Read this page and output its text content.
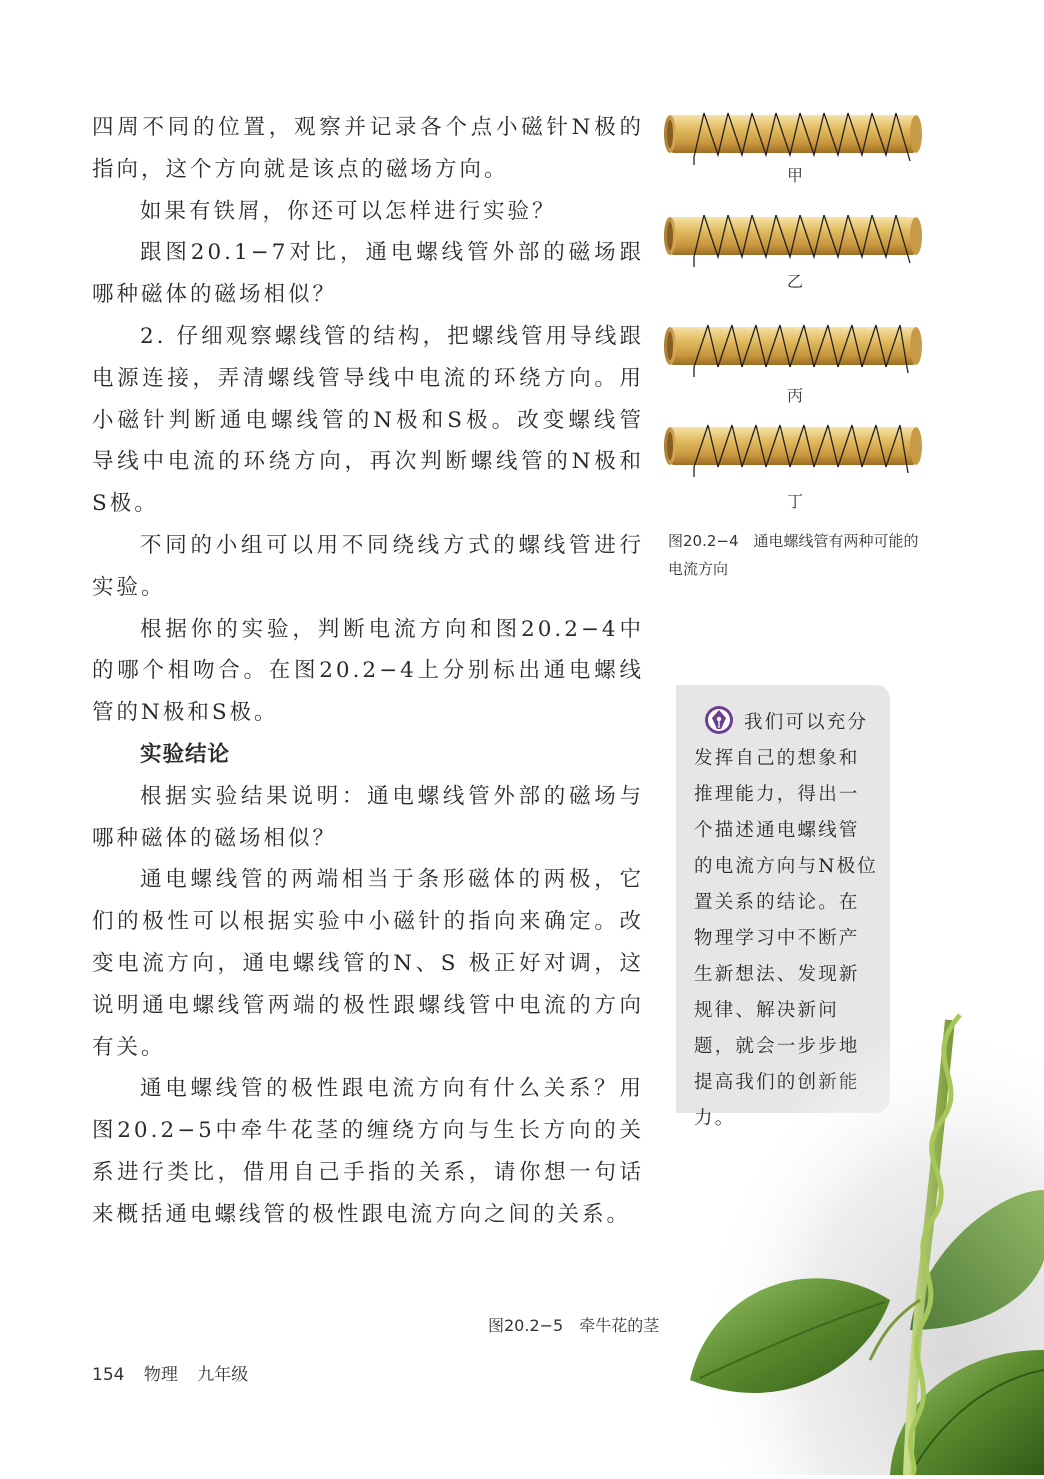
四周不同的位置，观察并记录各个点小磁针N极的指向，这个方向就是该点的磁场方向。

如果有铁屑，你还可以怎样进行实验？

跟图20.1−7对比，通电螺线管外部的磁场跟哪种磁体的磁场相似？

2. 仔细观察螺线管的结构，把螺线管用导线跟电源连接，弄清螺线管导线中电流的环绕方向。用小磁针判断通电螺线管的N极和S极。改变螺线管导线中电流的环绕方向，再次判断螺线管的N极和S极。

不同的小组可以用不同绕线方式的螺线管进行实验。

根据你的实验，判断电流方向和图20.2−4中的哪个相吻合。在图20.2−4上分别标出通电螺线管的N极和S极。

实验结论

根据实验结果说明：通电螺线管外部的磁场与哪种磁体的磁场相似？

通电螺线管的两端相当于条形磁体的两极，它们的极性可以根据实验中小磁针的指向来确定。改变电流方向，通电螺线管的N、S 极正好对调，这说明通电螺线管两端的极性跟螺线管中电流的方向有关。

通电螺线管的极性跟电流方向有什么关系？用图20.2−5中牵牛花茎的缠绕方向与生长方向的关系进行类比，借用自己手指的关系，请你想一句话来概括通电螺线管的极性跟电流方向之间的关系。

甲
乙
丙
丁
图20.2−4　通电螺线管有两种可能的电流方向
我们可以充分发挥自己的想象和推理能力，得出一个描述通电螺线管的电流方向与N极位置关系的结论。在物理学习中不断产生新想法、发现新
图20.2−5　牵牛花的茎
154 物理 九年级
